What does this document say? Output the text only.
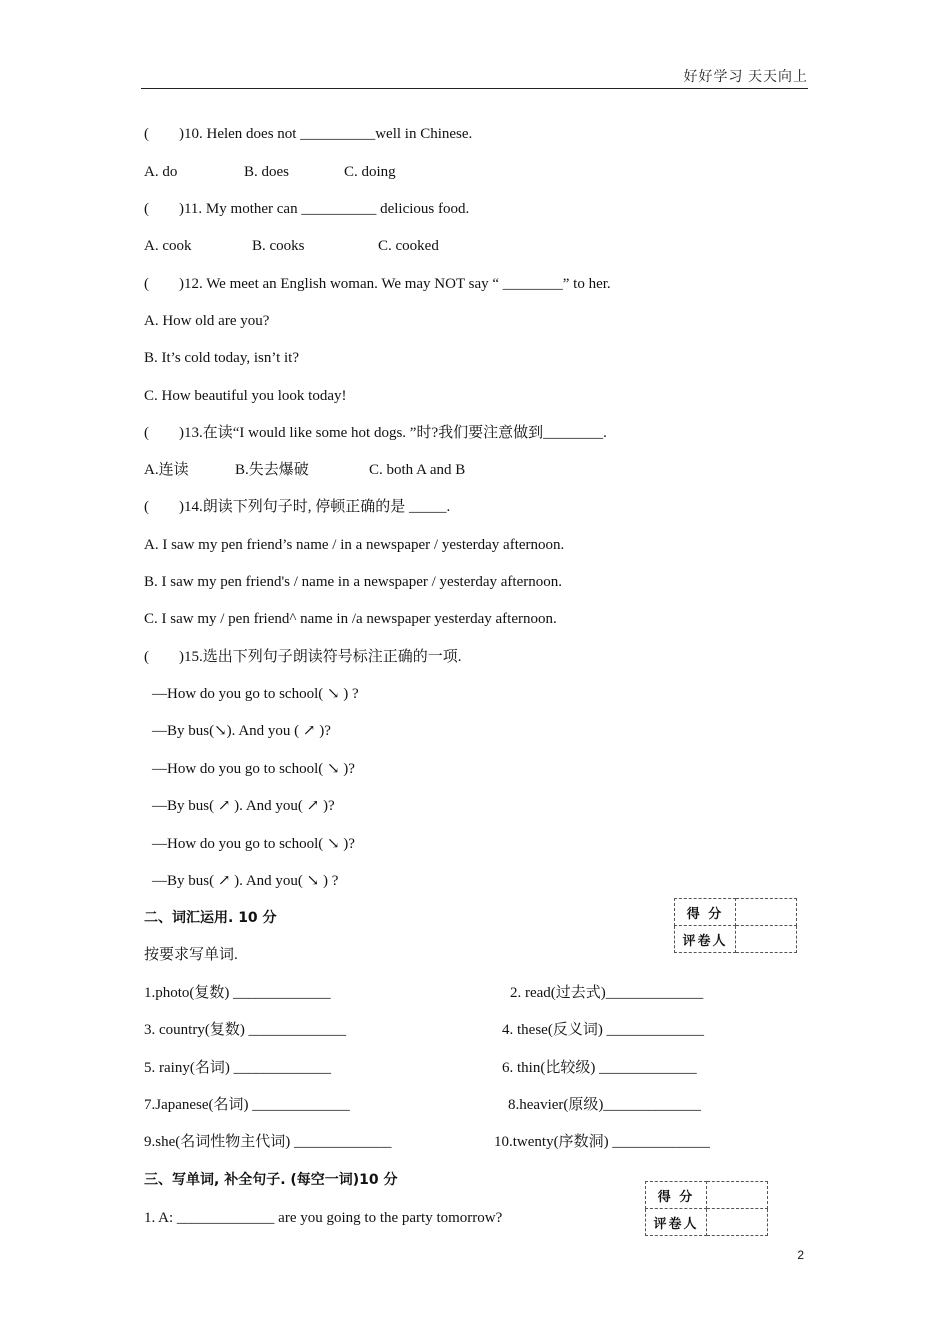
好好学习 天天向上
(        )10. Helen does not __________well in Chinese.
A. do	B. does	C. doing
(        )11. My mother can __________ delicious food.
A. cook	B. cooks	C. cooked
(        )12. We meet an English woman. We may NOT say “ ________” to her.
A. How old are you?
B. It’s cold today, isn’t it?
C. How beautiful you look today!
(        )13.在读“I would like some hot dogs. ”时?我们要注意做到________.
A.连读	B.失去爆破	C. both A and B
(        )14.朗读下列句子时, 停顿正确的是 _____.
A. I saw my pen friend’s name / in a newspaper / yesterday afternoon.
B. I saw my pen friend's / name in a newspaper / yesterday afternoon.
C. I saw my / pen friend^ name in /a newspaper yesterday afternoon.
(        )15.选出下列句子朗读符号标注正确的一项.
—How do you go to school( ↘ ) ?
—By bus(↘). And you ( ↗ )?
—How do you go to school( ↘ )?
—By bus( ↗ ). And you( ↗ )?
—How do you go to school( ↘ )?
—By bus( ↗ ). And you( ↘ ) ?
二、词汇运用. 10 分	得 分	
评卷人	
按要求写单词.
1.photo(复数) _____________	2. read(过去式)_____________
3. country(复数) _____________	4. these(反义词) _____________
5. rainy(名词) _____________	6. thin(比较级) _____________
7.Japanese(名词) _____________	8.heavier(原级)_____________
9.she(名词性物主代词) _____________	10.twenty(序数洞) _____________
三、写单词, 补全句子. (每空一词)10 分
得 分	
评卷人	
1. A: _____________ are you going to the party tomorrow?
2
